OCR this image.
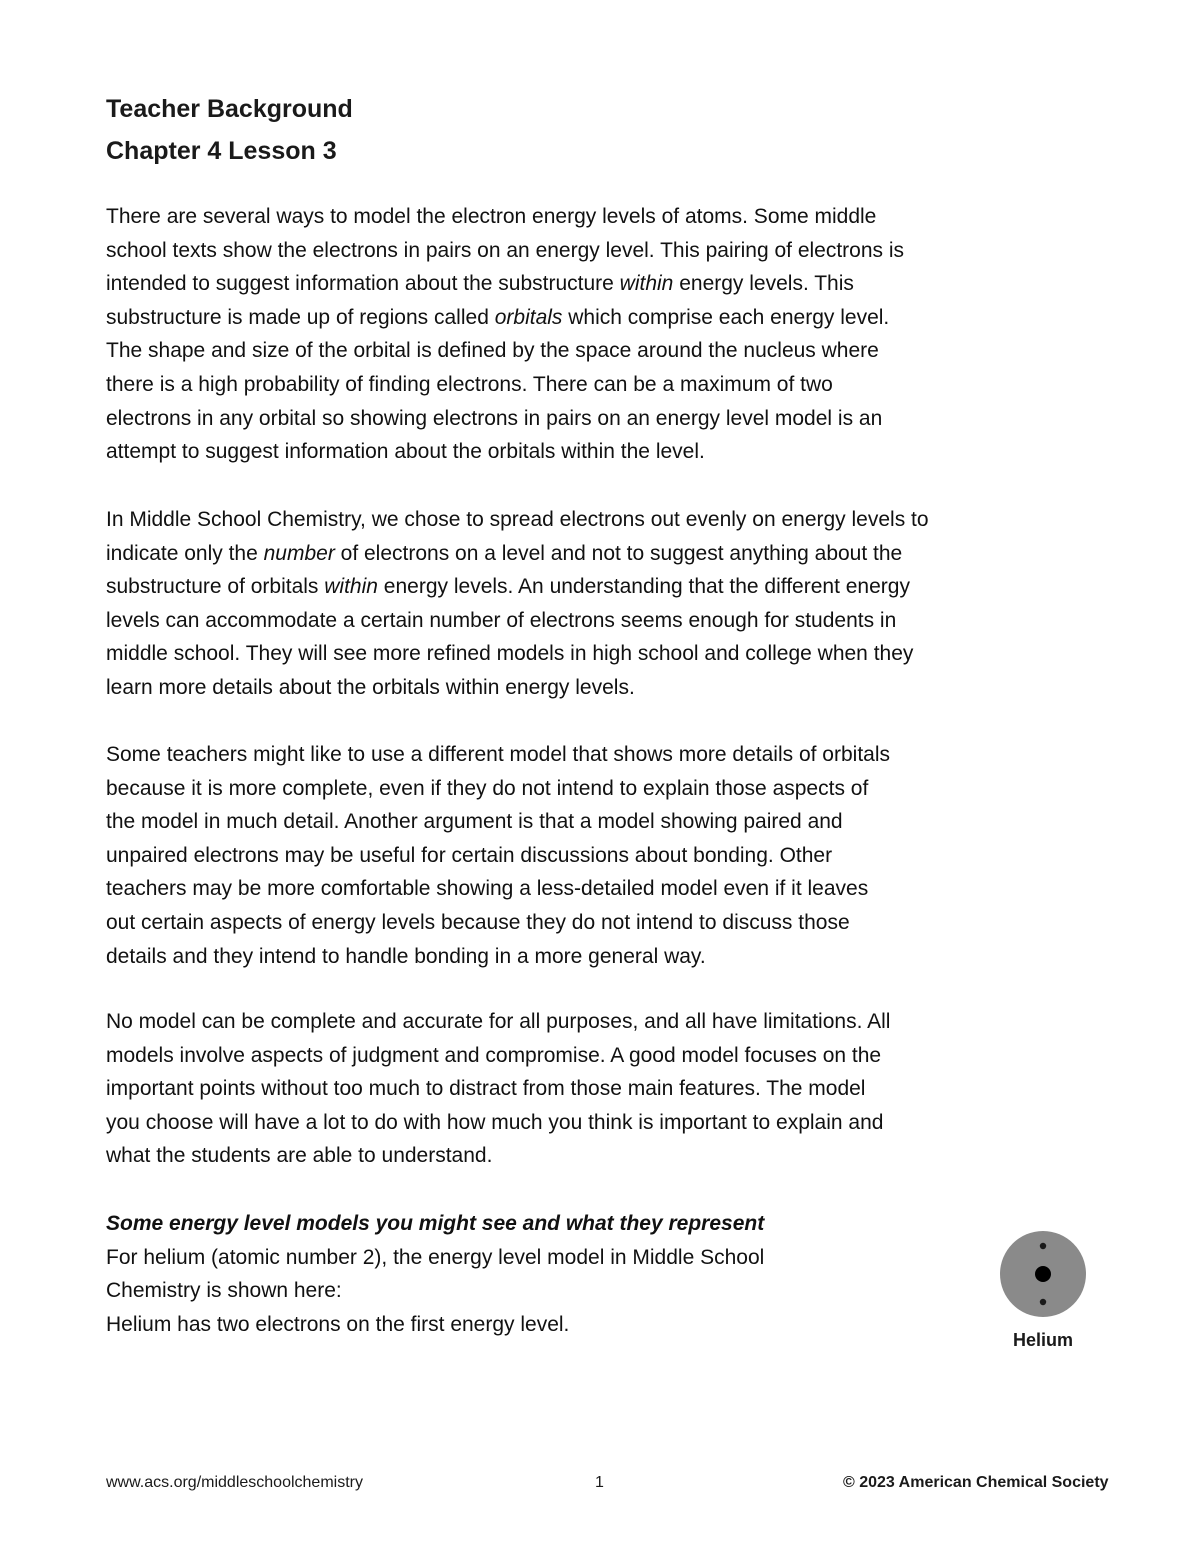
Teacher Background
Chapter 4 Lesson 3

There are several ways to model the electron energy levels of atoms. Some middle

school texts show the electrons in pairs on an energy level. This pairing of electrons is

intended to suggest information about the substructure within energy levels. This

substructure is made up of regions called orbitals which comprise each energy level.

The shape and size of the orbital is defined by the space around the nucleus where

there is a high probability of finding electrons. There can be a maximum of two

electrons in any orbital so showing electrons in pairs on an energy level model is an

attempt to suggest information about the orbitals within the level.

In Middle School Chemistry, we chose to spread electrons out evenly on energy levels to

indicate only the number of electrons on a level and not to suggest anything about the

substructure of orbitals within energy levels. An understanding that the different energy

levels can accommodate a certain number of electrons seems enough for students in

middle school. They will see more refined models in high school and college when they

learn more details about the orbitals within energy levels.

Some teachers might like to use a different model that shows more details of orbitals

because it is more complete, even if they do not intend to explain those aspects of

the model in much detail. Another argument is that a model showing paired and

unpaired electrons may be useful for certain discussions about bonding. Other

teachers may be more comfortable showing a less-detailed model even if it leaves

out certain aspects of energy levels because they do not intend to discuss those

details and they intend to handle bonding in a more general way.

No model can be complete and accurate for all purposes, and all have limitations. All

models involve aspects of judgment and compromise. A good model focuses on the

important points without too much to distract from those main features. The model

you choose will have a lot to do with how much you think is important to explain and

what the students are able to understand.

Some energy level models you might see and what they represent

For helium (atomic number 2), the energy level model in Middle School

Chemistry is shown here:

Helium has two electrons on the first energy level.

Helium
www.acs.org/middleschoolchemistry	1	© 2023 American Chemical Society
